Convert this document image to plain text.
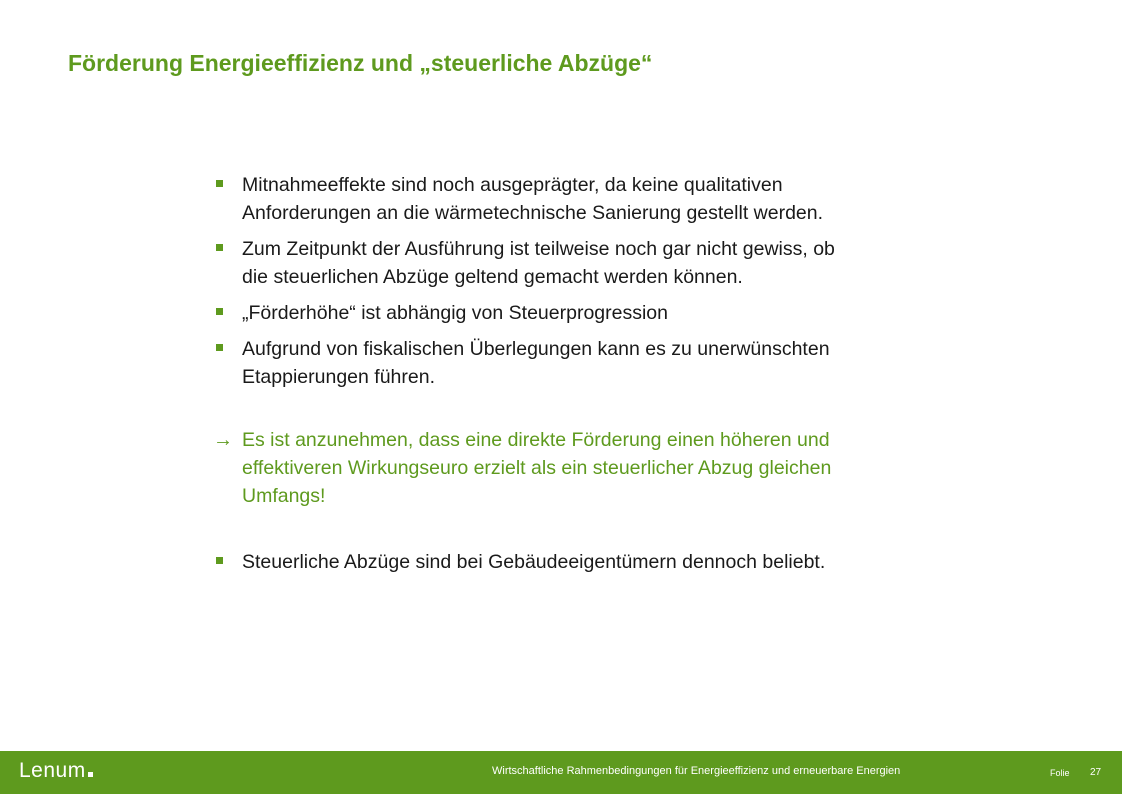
Förderung Energieeffizienz und „steuerliche Abzüge“
Mitnahmeeffekte sind noch ausgeprägter, da keine qualitativen Anforderungen an die wärmetechnische Sanierung gestellt werden.
Zum Zeitpunkt der Ausführung ist teilweise noch gar nicht gewiss, ob die steuerlichen Abzüge geltend gemacht werden können.
„Förderhöhe“ ist abhängig von Steuerprogression
Aufgrund von fiskalischen Überlegungen kann es zu unerwünschten Etappierungen führen.
→ Es ist anzunehmen, dass eine direkte Förderung einen höheren und effektiveren Wirkungseuro erzielt als ein steuerlicher Abzug gleichen Umfangs!
Steuerliche Abzüge sind bei Gebäudeeigentümern dennoch beliebt.
Lenum	Wirtschaftliche Rahmenbedingungen für Energieeffizienz und erneuerbare Energien	Folie 27
